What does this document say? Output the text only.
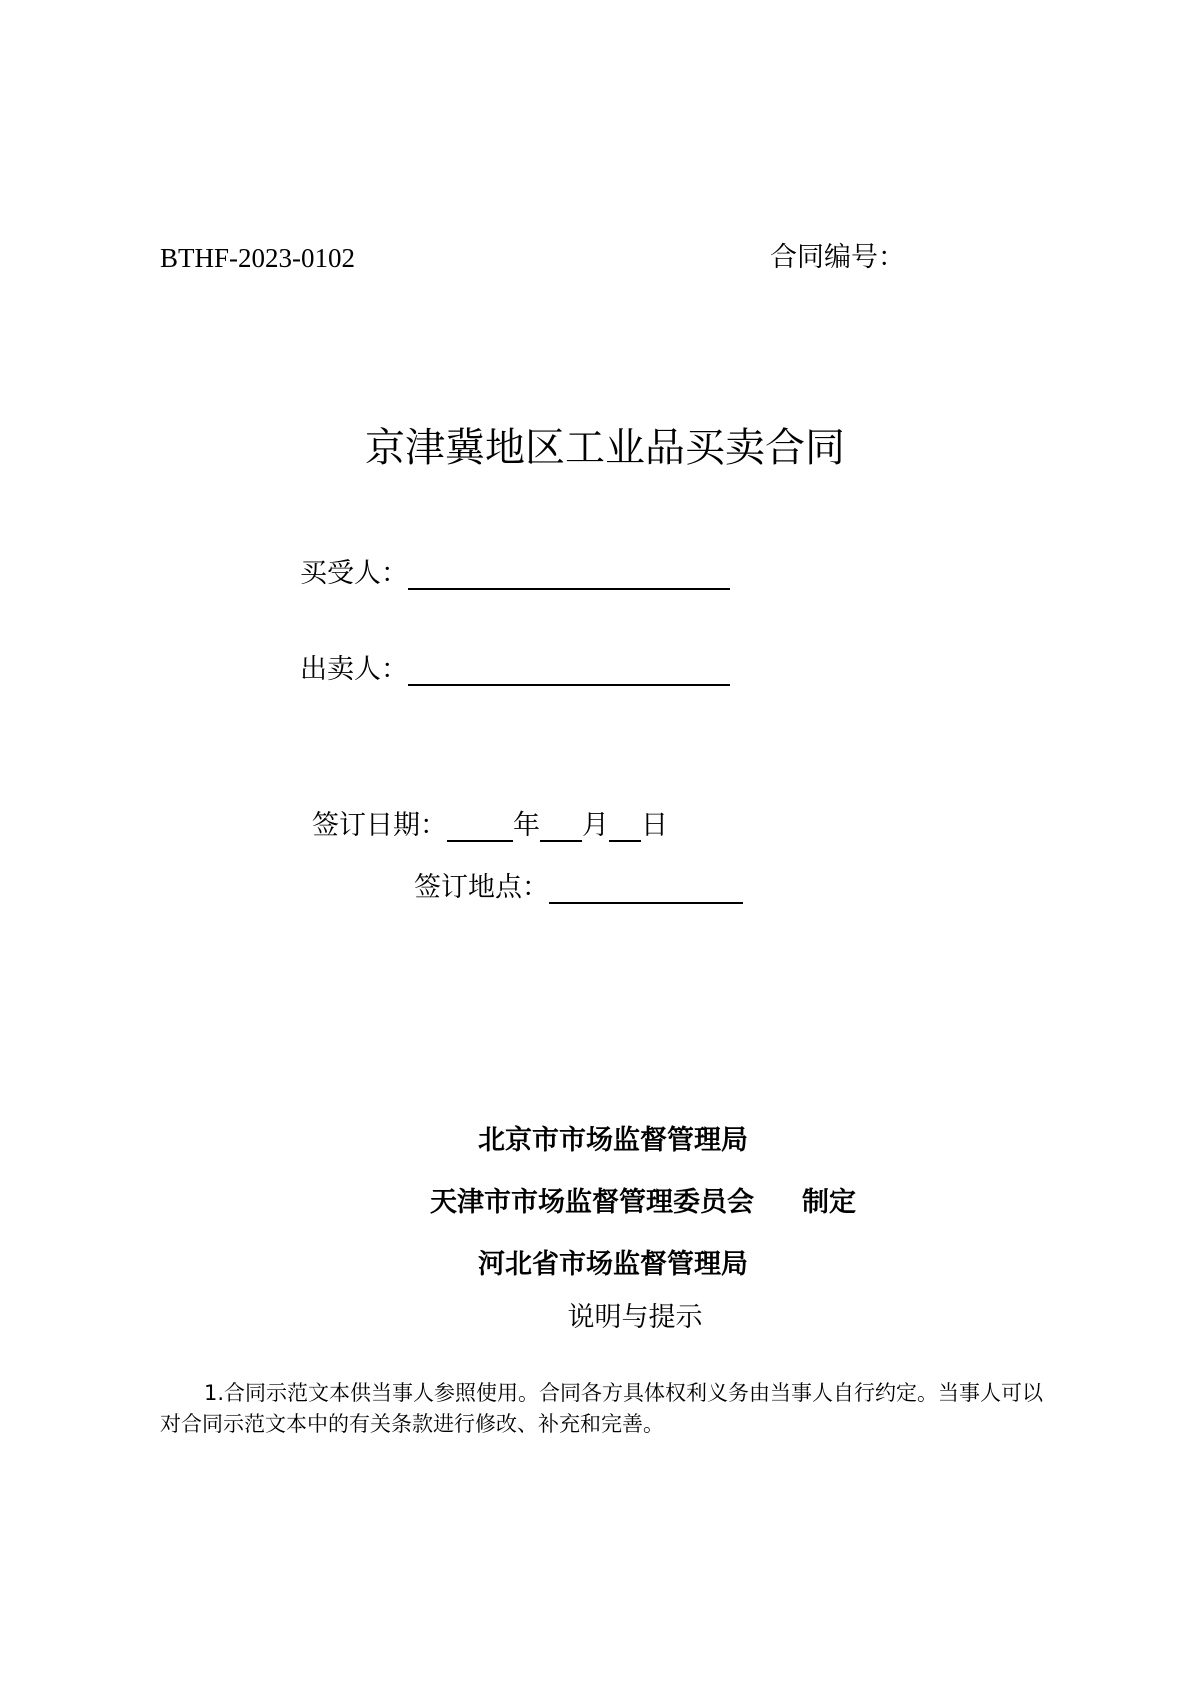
BTHF-2023-0102	合同编号：
京津冀地区工业品买卖合同
买受人：
出卖人：
签订日期： 年 月 日
签订地点：
北京市市场监督管理局
天津市市场监督管理委员会 制定
河北省市场监督管理局
说明与提示
1.合同示范文本供当事人参照使用。合同各方具体权利义务由当事人自行约定。当事人可以对合同示范文本中的有关条款进行修改、补充和完善。
